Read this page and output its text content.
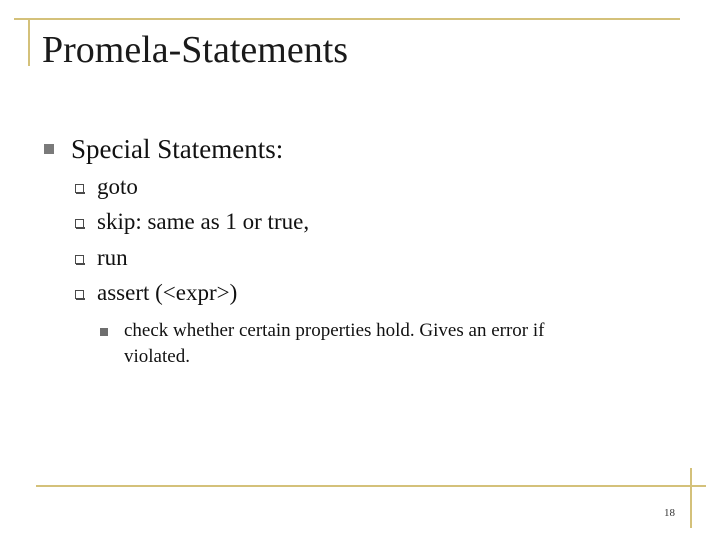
Promela-Statements
Special Statements:
goto
skip: same as 1 or true,
run
assert (<expr>)
check whether certain properties hold. Gives an error if
violated.
18
